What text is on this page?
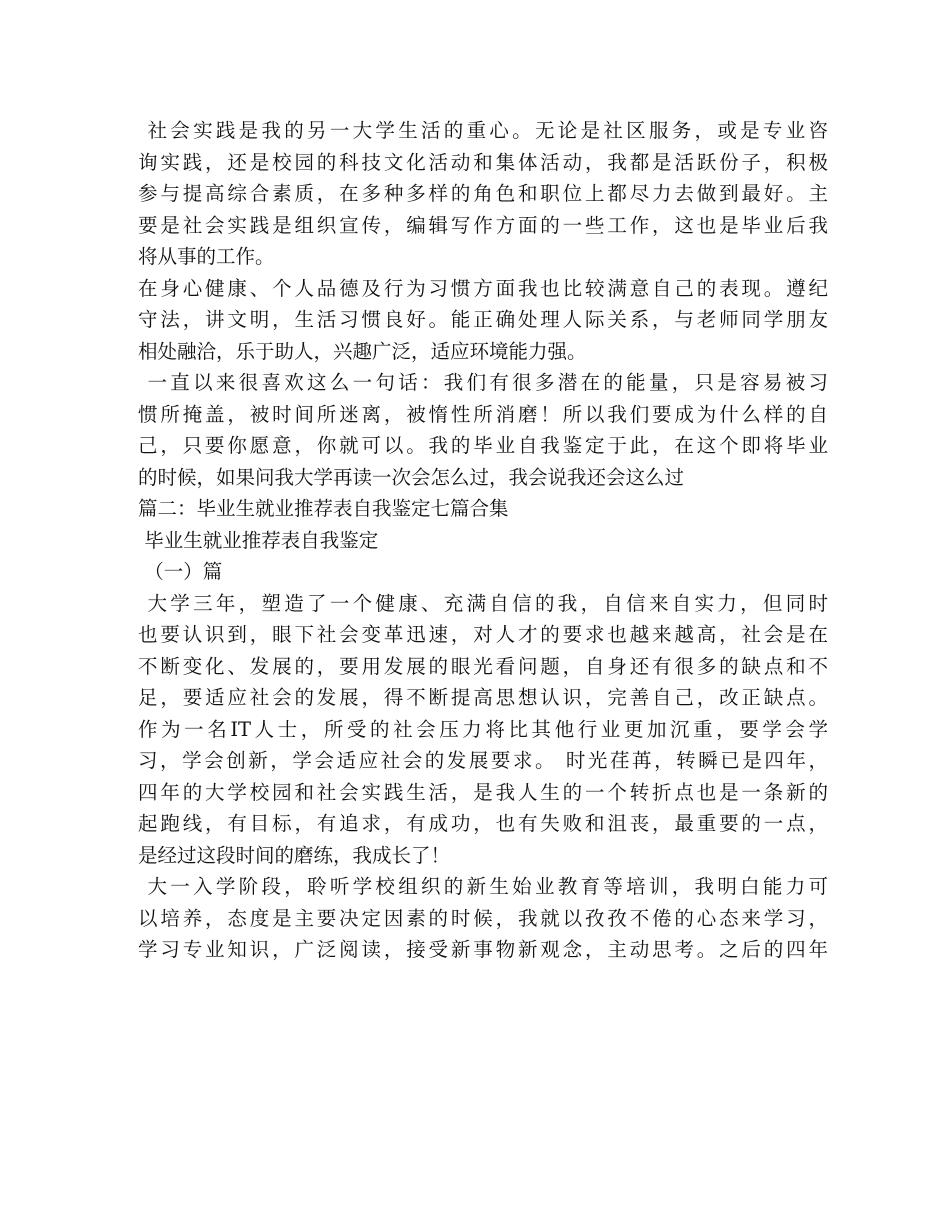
社会实践是我的另一大学生活的重心。无论是社区服务，或是专业咨
询实践，还是校园的科技文化活动和集体活动，我都是活跃份子，积极
参与提高综合素质，在多种多样的角色和职位上都尽力去做到最好。主
要是社会实践是组织宣传，编辑写作方面的一些工作，这也是毕业后我
将从事的工作。
在身心健康、个人品德及行为习惯方面我也比较满意自己的表现。遵纪
守法，讲文明，生活习惯良好。能正确处理人际关系，与老师同学朋友
相处融洽，乐于助人，兴趣广泛，适应环境能力强。
一直以来很喜欢这么一句话：我们有很多潜在的能量，只是容易被习
惯所掩盖，被时间所迷离，被惰性所消磨！所以我们要成为什么样的自
己，只要你愿意，你就可以。我的毕业自我鉴定于此，在这个即将毕业
的时候，如果问我大学再读一次会怎么过，我会说我还会这么过
篇二：毕业生就业推荐表自我鉴定七篇合集
毕业生就业推荐表自我鉴定
（一）篇
大学三年，塑造了一个健康、充满自信的我，自信来自实力，但同时
也要认识到，眼下社会变革迅速，对人才的要求也越来越高，社会是在
不断变化、发展的，要用发展的眼光看问题，自身还有很多的缺点和不
足，要适应社会的发展，得不断提高思想认识，完善自己，改正缺点。
作为一名IT人士，所受的社会压力将比其他行业更加沉重，要学会学
习，学会创新，学会适应社会的发展要求。 时光荏苒，转瞬已是四年，
四年的大学校园和社会实践生活，是我人生的一个转折点也是一条新的
起跑线，有目标，有追求，有成功，也有失败和沮丧，最重要的一点，
是经过这段时间的磨练，我成长了！
大一入学阶段，聆听学校组织的新生始业教育等培训，我明白能力可
以培养，态度是主要决定因素的时候，我就以孜孜不倦的心态来学习，
学习专业知识，广泛阅读，接受新事物新观念，主动思考。之后的四年
